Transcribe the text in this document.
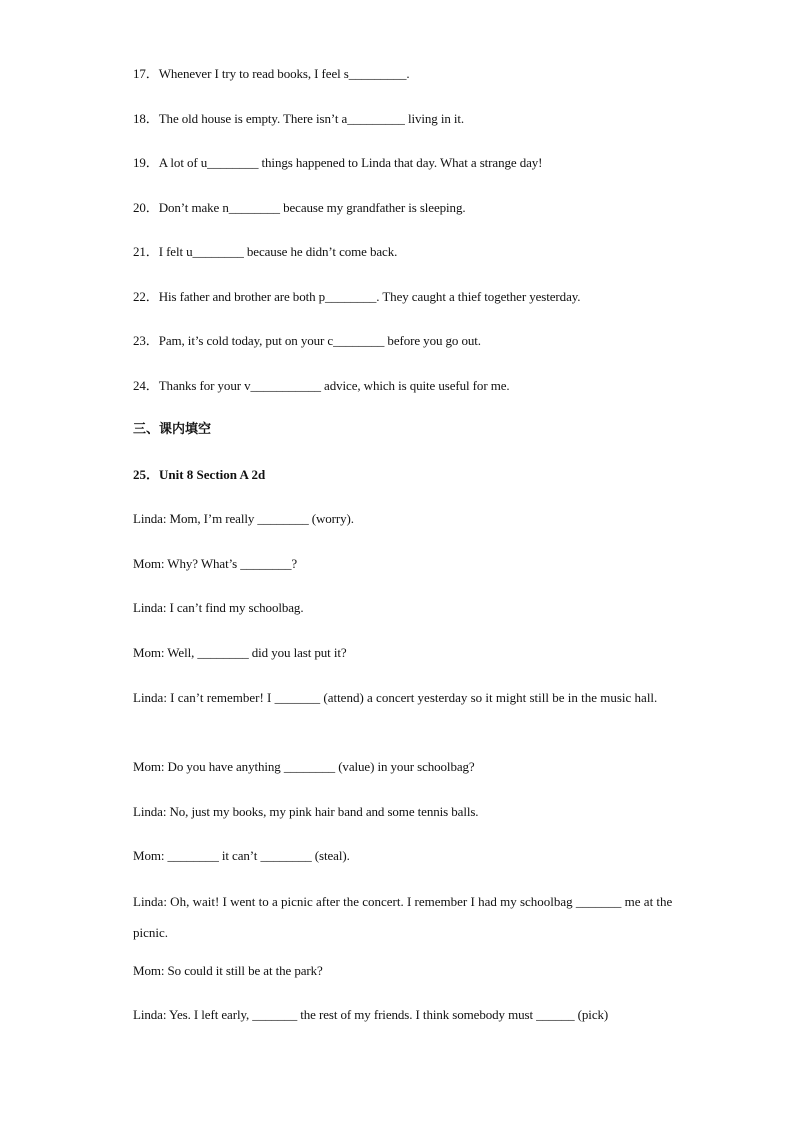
17．Whenever I try to read books, I feel s_________.
18．The old house is empty. There isn’t a_________ living in it.
19．A lot of u________ things happened to Linda that day. What a strange day!
20．Don’t make n________ because my grandfather is sleeping.
21．I felt u________ because he didn’t come back.
22．His father and brother are both p________. They caught a thief together yesterday.
23．Pam, it’s cold today, put on your c________ before you go out.
24．Thanks for your v___________ advice, which is quite useful for me.
三、课内填空
25．Unit 8 Section A 2d
Linda: Mom, I’m really ________ (worry).
Mom: Why? What’s ________?
Linda: I can’t find my schoolbag.
Mom: Well, ________ did you last put it?
Linda: I can’t remember! I _______ (attend) a concert yesterday so it might still be in the music hall.
Mom: Do you have anything ________ (value) in your schoolbag?
Linda: No, just my books, my pink hair band and some tennis balls.
Mom: ________ it can’t ________ (steal).
Linda: Oh, wait! I went to a picnic after the concert. I remember I had my schoolbag _______ me at the picnic.
Mom: So could it still be at the park?
Linda: Yes. I left early, _______ the rest of my friends. I think somebody must ______ (pick)
